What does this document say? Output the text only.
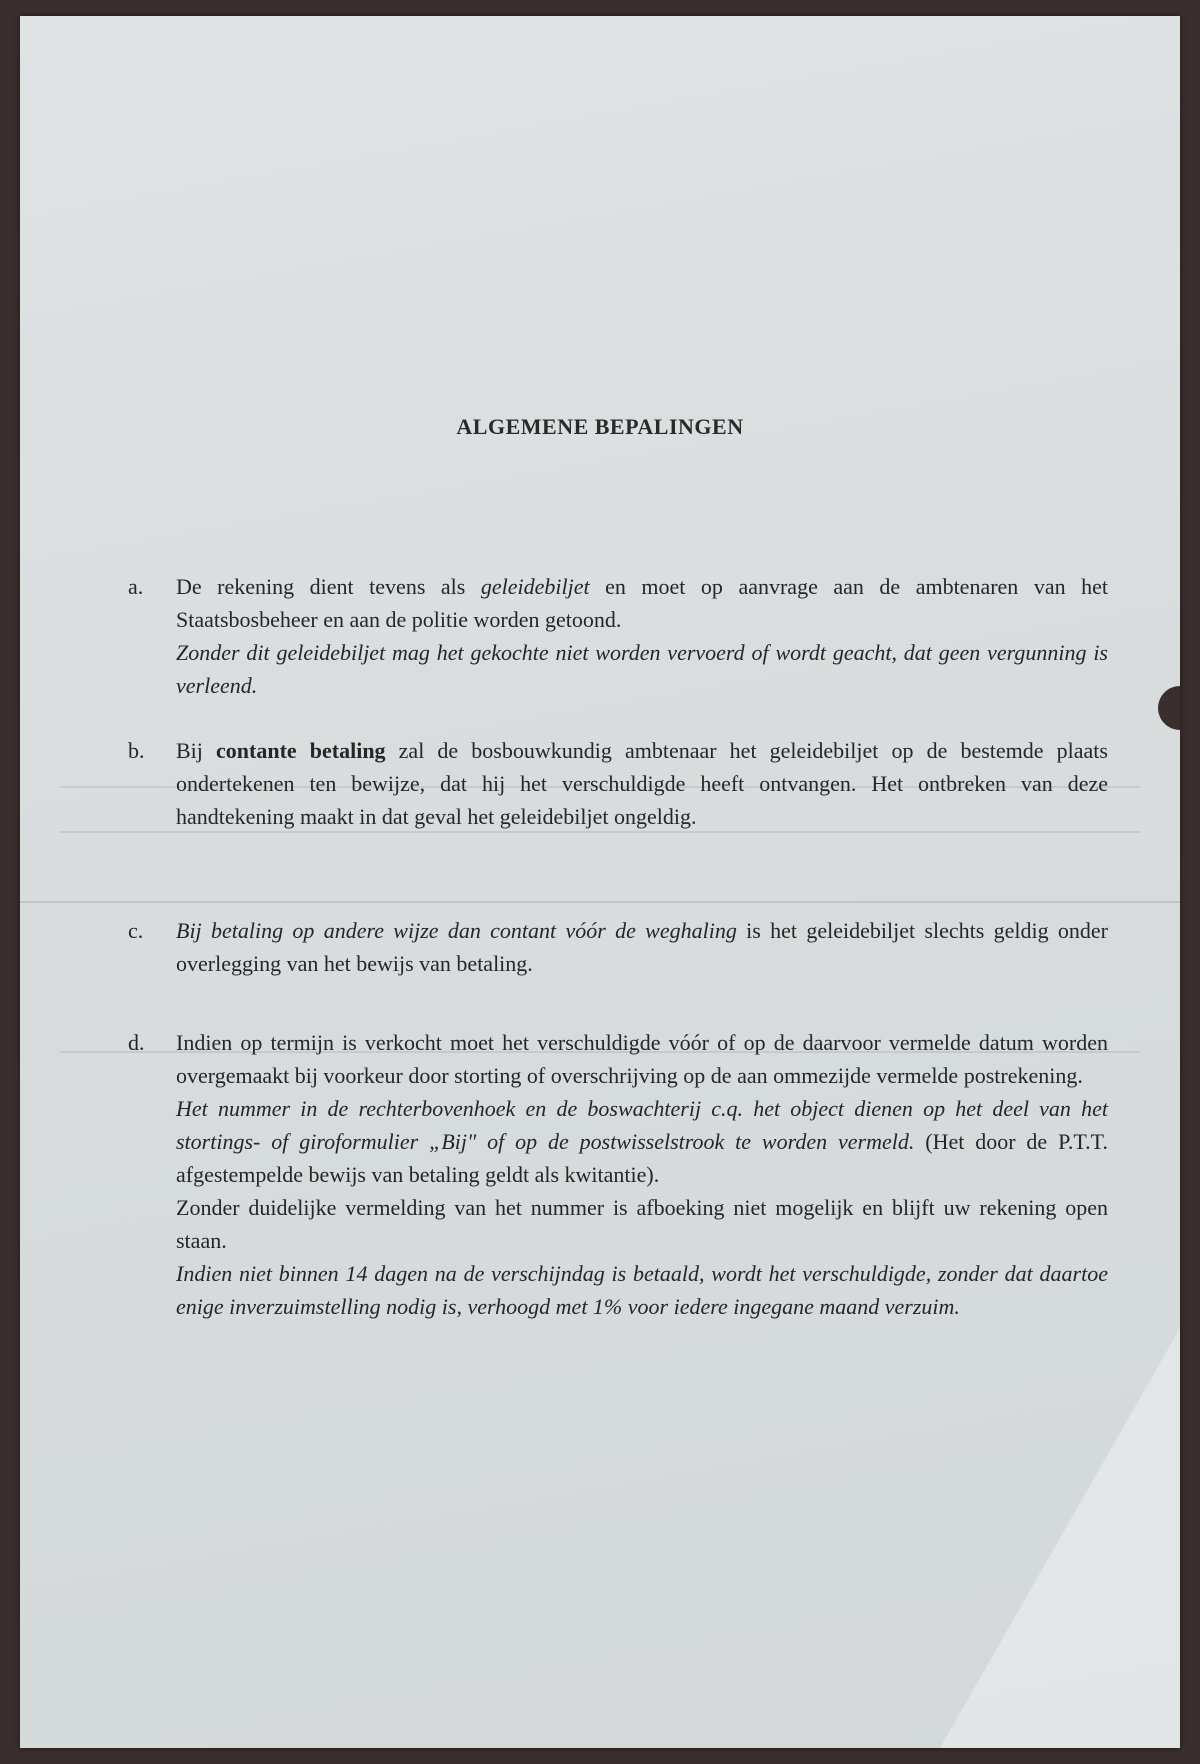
ALGEMENE BEPALINGEN
a. De rekening dient tevens als geleidebiljet en moet op aanvrage aan de ambtenaren van het Staatsbosbeheer en aan de politie worden getoond.

Zonder dit geleidebiljet mag het gekochte niet worden vervoerd of wordt geacht, dat geen vergunning is verleend.

b. Bij contante betaling zal de bosbouwkundig ambtenaar het geleidebiljet op de bestemde plaats ondertekenen ten bewijze, dat hij het verschuldigde heeft ontvangen. Het ontbreken van deze handtekening maakt in dat geval het geleidebiljet ongeldig.

c. Bij betaling op andere wijze dan contant vóór de weghaling is het geleidebiljet slechts geldig onder overlegging van het bewijs van betaling.

d. Indien op termijn is verkocht moet het verschuldigde vóór of op de daarvoor vermelde datum worden overgemaakt bij voorkeur door storting of overschrijving op de aan ommezijde vermelde postrekening.

Het nummer in de rechterbovenhoek en de boswachterij c.q. het object dienen op het deel van het stortings- of giroformulier „Bij" of op de postwisselstrook te worden vermeld. (Het door de P.T.T. afgestempelde bewijs van betaling geldt als kwitantie).

Zonder duidelijke vermelding van het nummer is afboeking niet mogelijk en blijft uw rekening open staan.

Indien niet binnen 14 dagen na de verschijndag is betaald, wordt het verschuldigde, zonder dat daartoe enige inverzuimstelling nodig is, verhoogd met 1% voor iedere ingegane maand verzuim.
